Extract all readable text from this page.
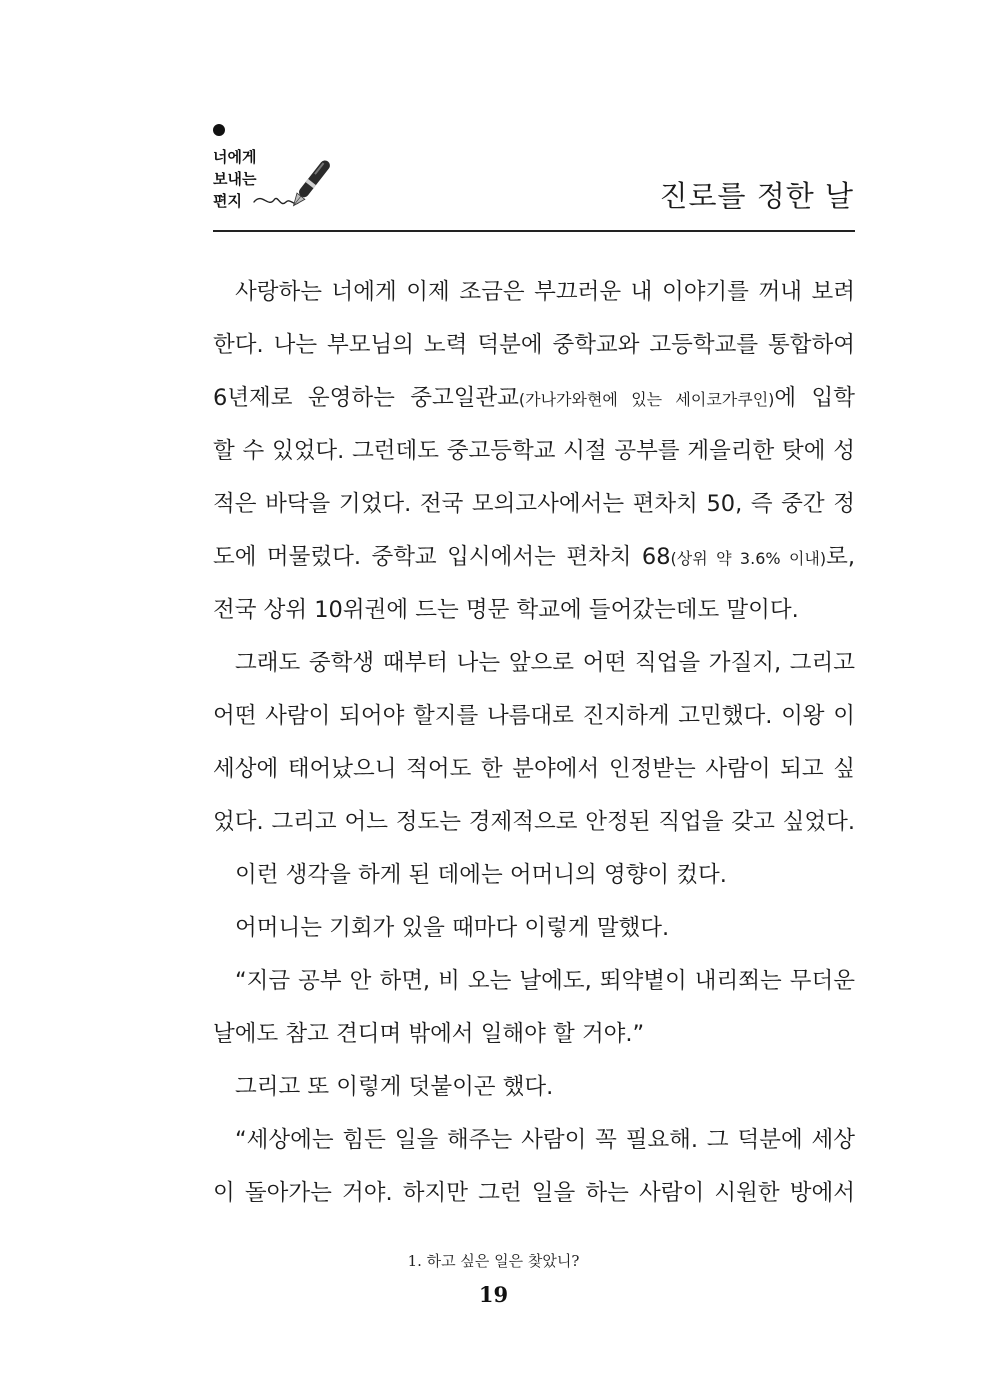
너에게
보내는
편지	진로를 정한 날
사랑하는 너에게 이제 조금은 부끄러운 내 이야기를 꺼내 보려
한다. 나는 부모님의 노력 덕분에 중학교와 고등학교를 통합하여
6년제로 운영하는 중고일관교(가나가와현에 있는 세이코가쿠인)에 입학
할 수 있었다. 그런데도 중고등학교 시절 공부를 게을리한 탓에 성
적은 바닥을 기었다. 전국 모의고사에서는 편차치 50, 즉 중간 정
도에 머물렀다. 중학교 입시에서는 편차치 68(상위 약 3.6% 이내)로,
전국 상위 10위권에 드는 명문 학교에 들어갔는데도 말이다.
그래도 중학생 때부터 나는 앞으로 어떤 직업을 가질지, 그리고
어떤 사람이 되어야 할지를 나름대로 진지하게 고민했다. 이왕 이
세상에 태어났으니 적어도 한 분야에서 인정받는 사람이 되고 싶
었다. 그리고 어느 정도는 경제적으로 안정된 직업을 갖고 싶었다.
이런 생각을 하게 된 데에는 어머니의 영향이 컸다.
어머니는 기회가 있을 때마다 이렇게 말했다.
“지금 공부 안 하면, 비 오는 날에도, 뙤약볕이 내리쬐는 무더운
날에도 참고 견디며 밖에서 일해야 할 거야.”
그리고 또 이렇게 덧붙이곤 했다.
“세상에는 힘든 일을 해주는 사람이 꼭 필요해. 그 덕분에 세상
이 돌아가는 거야. 하지만 그런 일을 하는 사람이 시원한 방에서
1. 하고 싶은 일은 찾았니?
19
